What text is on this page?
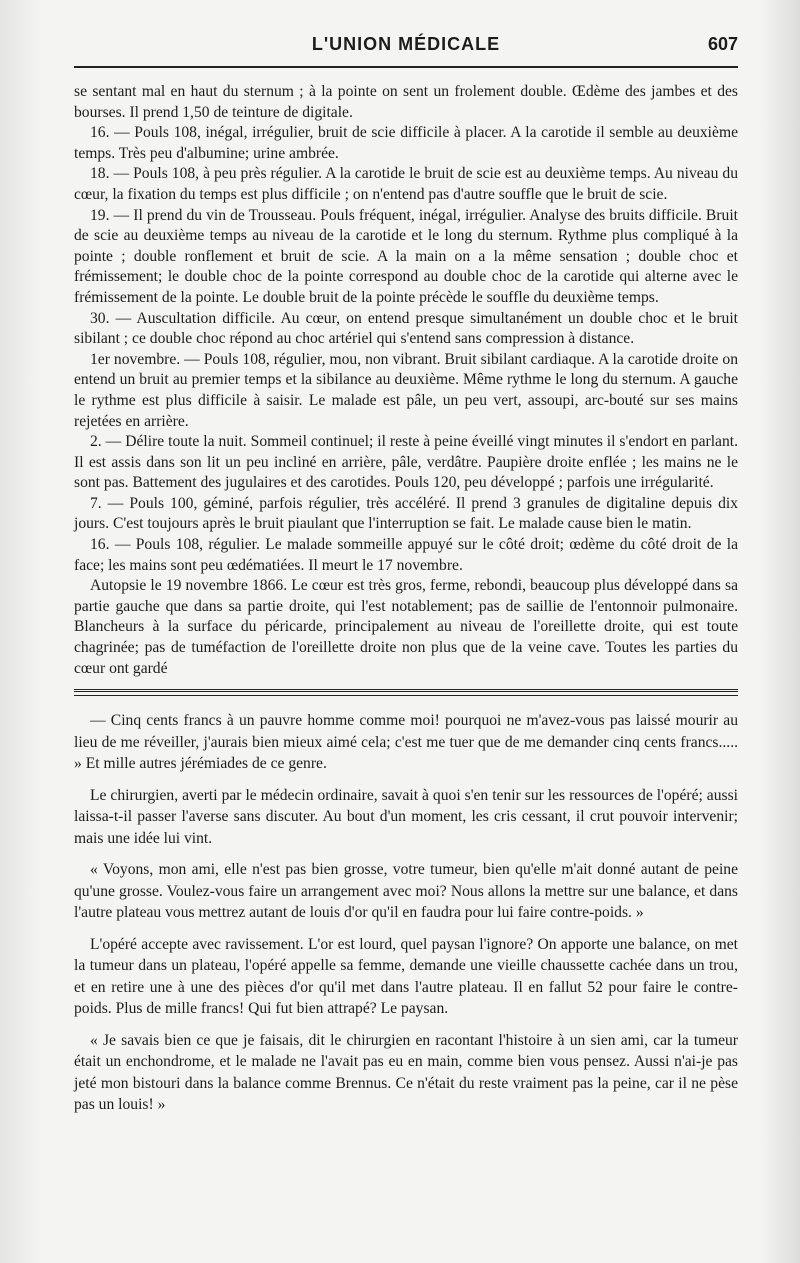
L'UNION MÉDICALE	607

se sentant mal en haut du sternum ; à la pointe on sent un frolement double. Œdème des jambes et des bourses. Il prend 1,50 de teinture de digitale.

16. — Pouls 108, inégal, irrégulier, bruit de scie difficile à placer. A la carotide il semble au deuxième temps. Très peu d'albumine; urine ambrée.

18. — Pouls 108, à peu près régulier. A la carotide le bruit de scie est au deuxième temps. Au niveau du cœur, la fixation du temps est plus difficile ; on n'entend pas d'autre souffle que le bruit de scie.

19. — Il prend du vin de Trousseau. Pouls fréquent, inégal, irrégulier. Analyse des bruits difficile. Bruit de scie au deuxième temps au niveau de la carotide et le long du sternum. Rythme plus compliqué à la pointe ; double ronflement et bruit de scie. A la main on a la même sensation ; double choc et frémissement; le double choc de la pointe correspond au double choc de la carotide qui alterne avec le frémissement de la pointe. Le double bruit de la pointe précède le souffle du deuxième temps.

30. — Auscultation difficile. Au cœur, on entend presque simultanément un double choc et le bruit sibilant ; ce double choc répond au choc artériel qui s'entend sans compression à distance.

1er novembre. — Pouls 108, régulier, mou, non vibrant. Bruit sibilant cardiaque. A la carotide droite on entend un bruit au premier temps et la sibilance au deuxième. Même rythme le long du sternum. A gauche le rythme est plus difficile à saisir. Le malade est pâle, un peu vert, assoupi, arc-bouté sur ses mains rejetées en arrière.

2. — Délire toute la nuit. Sommeil continuel; il reste à peine éveillé vingt minutes il s'endort en parlant. Il est assis dans son lit un peu incliné en arrière, pâle, verdâtre. Paupière droite enflée ; les mains ne le sont pas. Battement des jugulaires et des carotides. Pouls 120, peu développé ; parfois une irrégularité.

7. — Pouls 100, géminé, parfois régulier, très accéléré. Il prend 3 granules de digitaline depuis dix jours. C'est toujours après le bruit piaulant que l'interruption se fait. Le malade cause bien le matin.

16. — Pouls 108, régulier. Le malade sommeille appuyé sur le côté droit; œdème du côté droit de la face; les mains sont peu œdématiées. Il meurt le 17 novembre.

Autopsie le 19 novembre 1866. Le cœur est très gros, ferme, rebondi, beaucoup plus développé dans sa partie gauche que dans sa partie droite, qui l'est notablement; pas de saillie de l'entonnoir pulmonaire. Blancheurs à la surface du péricarde, principalement au niveau de l'oreillette droite, qui est toute chagrinée; pas de tuméfaction de l'oreillette droite non plus que de la veine cave. Toutes les parties du cœur ont gardé

— Cinq cents francs à un pauvre homme comme moi! pourquoi ne m'avez-vous pas laissé mourir au lieu de me réveiller, j'aurais bien mieux aimé cela; c'est me tuer que de me demander cinq cents francs..... » Et mille autres jérémiades de ce genre.

Le chirurgien, averti par le médecin ordinaire, savait à quoi s'en tenir sur les ressources de l'opéré; aussi laissa-t-il passer l'averse sans discuter. Au bout d'un moment, les cris cessant, il crut pouvoir intervenir; mais une idée lui vint.

« Voyons, mon ami, elle n'est pas bien grosse, votre tumeur, bien qu'elle m'ait donné autant de peine qu'une grosse. Voulez-vous faire un arrangement avec moi? Nous allons la mettre sur une balance, et dans l'autre plateau vous mettrez autant de louis d'or qu'il en faudra pour lui faire contre-poids. »

L'opéré accepte avec ravissement. L'or est lourd, quel paysan l'ignore? On apporte une balance, on met la tumeur dans un plateau, l'opéré appelle sa femme, demande une vieille chaussette cachée dans un trou, et en retire une à une des pièces d'or qu'il met dans l'autre plateau. Il en fallut 52 pour faire le contre-poids. Plus de mille francs! Qui fut bien attrapé? Le paysan.

« Je savais bien ce que je faisais, dit le chirurgien en racontant l'histoire à un sien ami, car la tumeur était un enchondrome, et le malade ne l'avait pas eu en main, comme bien vous pensez. Aussi n'ai-je pas jeté mon bistouri dans la balance comme Brennus. Ce n'était du reste vraiment pas la peine, car il ne pèse pas un louis! »
